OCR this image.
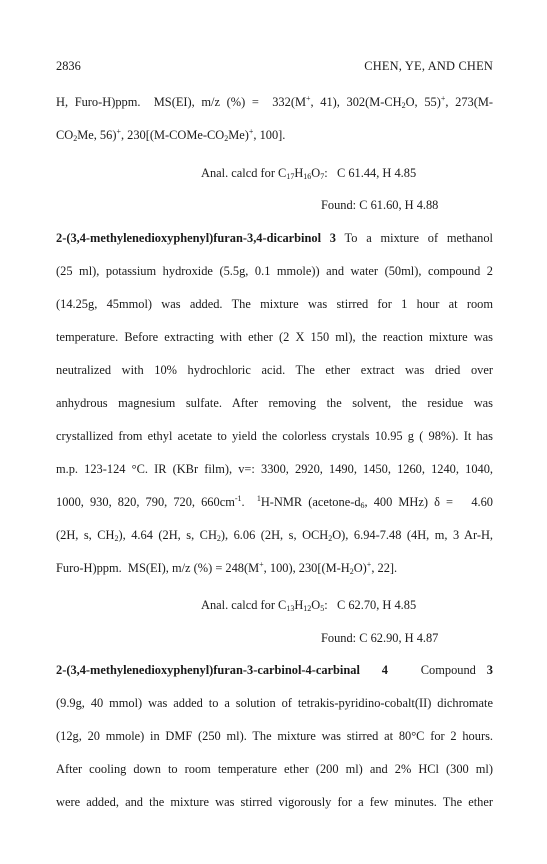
2836	CHEN, YE, AND CHEN
H, Furo-H)ppm.  MS(EI), m/z (%) =  332(M+, 41), $302(M-CH_2O$, 55)+, 273(M-
$CO_2Me$, 56)+, $230[(M-COMe-CO_2Me)^+$, 100].
Anal. calcd for $C_{17}H_{16}O_7$:   C 61.44, H 4.85
Found: C 61.60, H 4.88
2-(3,4-methylenedioxyphenyl)furan-3,4-dicarbinol 3 To a mixture of methanol
(25 ml), potassium hydroxide (5.5g, 0.1 mmole)) and water (50ml), compound 2
(14.25g, 45mmol) was added. The mixture was stirred for 1 hour at room
temperature. Before extracting with ether (2 X 150 ml), the reaction mixture was
neutralized with 10% hydrochloric acid. The ether extract was dried over
anhydrous magnesium sulfate. After removing the solvent, the residue was
crystallized from ethyl acetate to yield the colorless crystals 10.95 g ( 98%). It has
m.p. 123-124 °C. IR (KBr film), v=: 3300, 2920, 1490, 1450, 1260, 1240, 1040,
1000, 930, 820, 790, 720, $660cm^{-1}$.  $^1$H-NMR ($acetone-d_6$, 400 MHz) δ =   4.60
(2H, s, $CH_2$), 4.64 (2H, s, $CH_2$), 6.06 (2H, s, $OCH_2O$), 6.94-7.48 (4H, m, 3 Ar-H,
Furo-H)ppm.  MS(EI), m/z (%) = 248(M+, 100), $230[(M-H_2O)^+$, 22].
Anal. calcd for $C_{13}H_{12}O_5$:   C 62.70, H 4.85
Found: C 62.90, H 4.87
2-(3,4-methylenedioxyphenyl)furan-3-carbinol-4-carbinal  4   Compound 3
(9.9g, 40 mmol) was added to a solution of tetrakis-pyridino-cobalt(II) dichromate
(12g, 20 mmole) in DMF (250 ml). The mixture was stirred at 80°C for 2 hours.
After cooling down to room temperature ether (200 ml) and 2% HCl (300 ml)
were added, and the mixture was stirred vigorously for a few minutes. The ether
